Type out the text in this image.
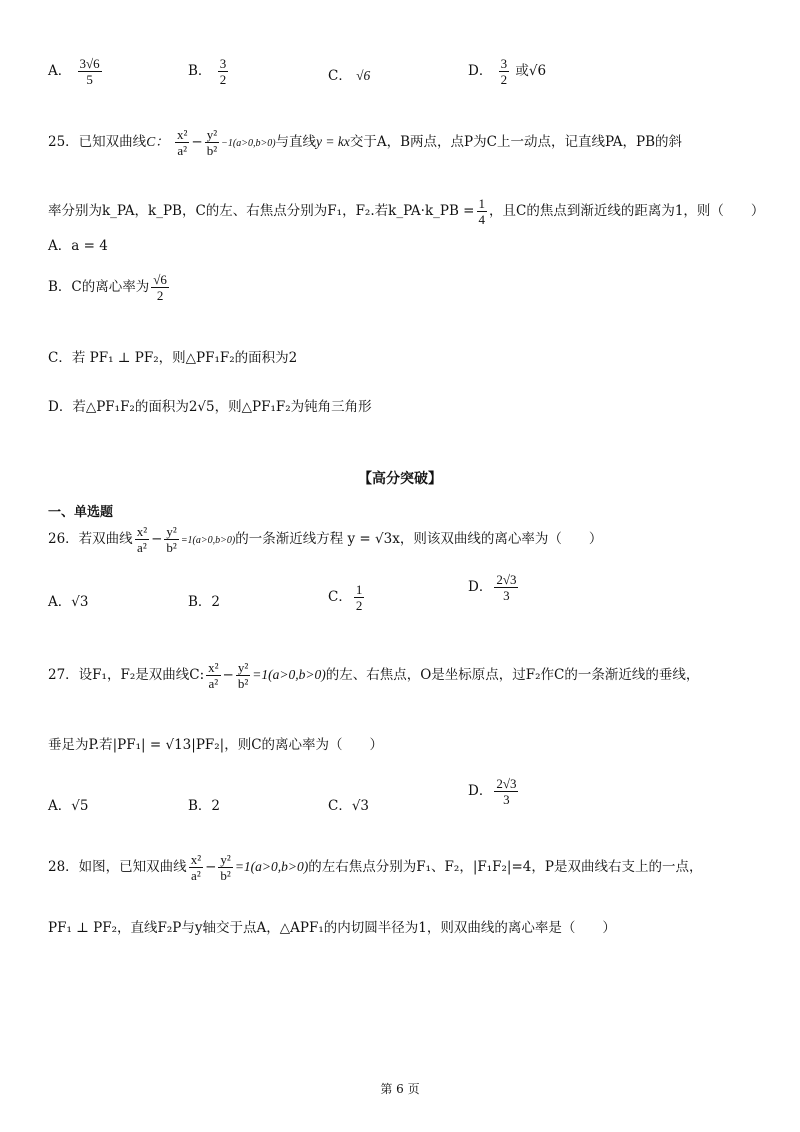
A． $\frac{3√6}{5}$	B． $\frac{3}{2}$	C． √6	D． $\frac{3}{2}$ 或√6
25．已知双曲线C： $\frac{\text{x²}}{\text{a²}} - \frac{\text{y²}}{\text{b²}} -1(a>0,b>0)$与直线y = kx交于A，B两点，点P为C上一动点，记直线PA，PB的斜
率分别为k_PA，k_PB，C的左、右焦点分别为F₁，F₂.若k_PA·k_PB = $\frac{1}{4}$ ，且C的焦点到渐近线的距离为1，则（　　）
A．a = 4
B．C的离心率为 $\frac{√6}{2}$
C．若 PF₁ ⊥ PF₂，则△PF₁F₂的面积为2
D．若△PF₁F₂的面积为2√5，则△PF₁F₂为钝角三角形
【高分突破】
一、单选题
26．若双曲线 $\frac{\text{x²}}{\text{a²}} - \frac{\text{y²}}{\text{b²}} =1(a>0,b>0)$的一条渐近线方程 y = √3x，则该双曲线的离心率为（　　）
A．√3	B．2	C． $\frac{1}{2}$	D． $\frac{2√3}{3}$
27．设F₁，F₂是双曲线C: $\frac{\text{x²}}{\text{a²}} - \frac{\text{y²}}{\text{b²}} =1(a>0,b>0)$的左、右焦点，O是坐标原点，过F₂作C的一条渐近线的垂线，
垂足为P.若|PF₁| = √13|PF₂|，则C的离心率为（　　）
A．√5	B．2	C．√3
D． $\frac{2√3}{3}$
28．如图，已知双曲线 $\frac{\text{x²}}{\text{a²}} - \frac{\text{y²}}{\text{b²}} =1(a>0,b>0)$的左右焦点分别为F₁、F₂，|F₁F₂|=4，P是双曲线右支上的一点，
PF₁ ⊥ PF₂，直线F₂P与y轴交于点A，△APF₁的内切圆半径为1，则双曲线的离心率是（　　）
第 6 页
